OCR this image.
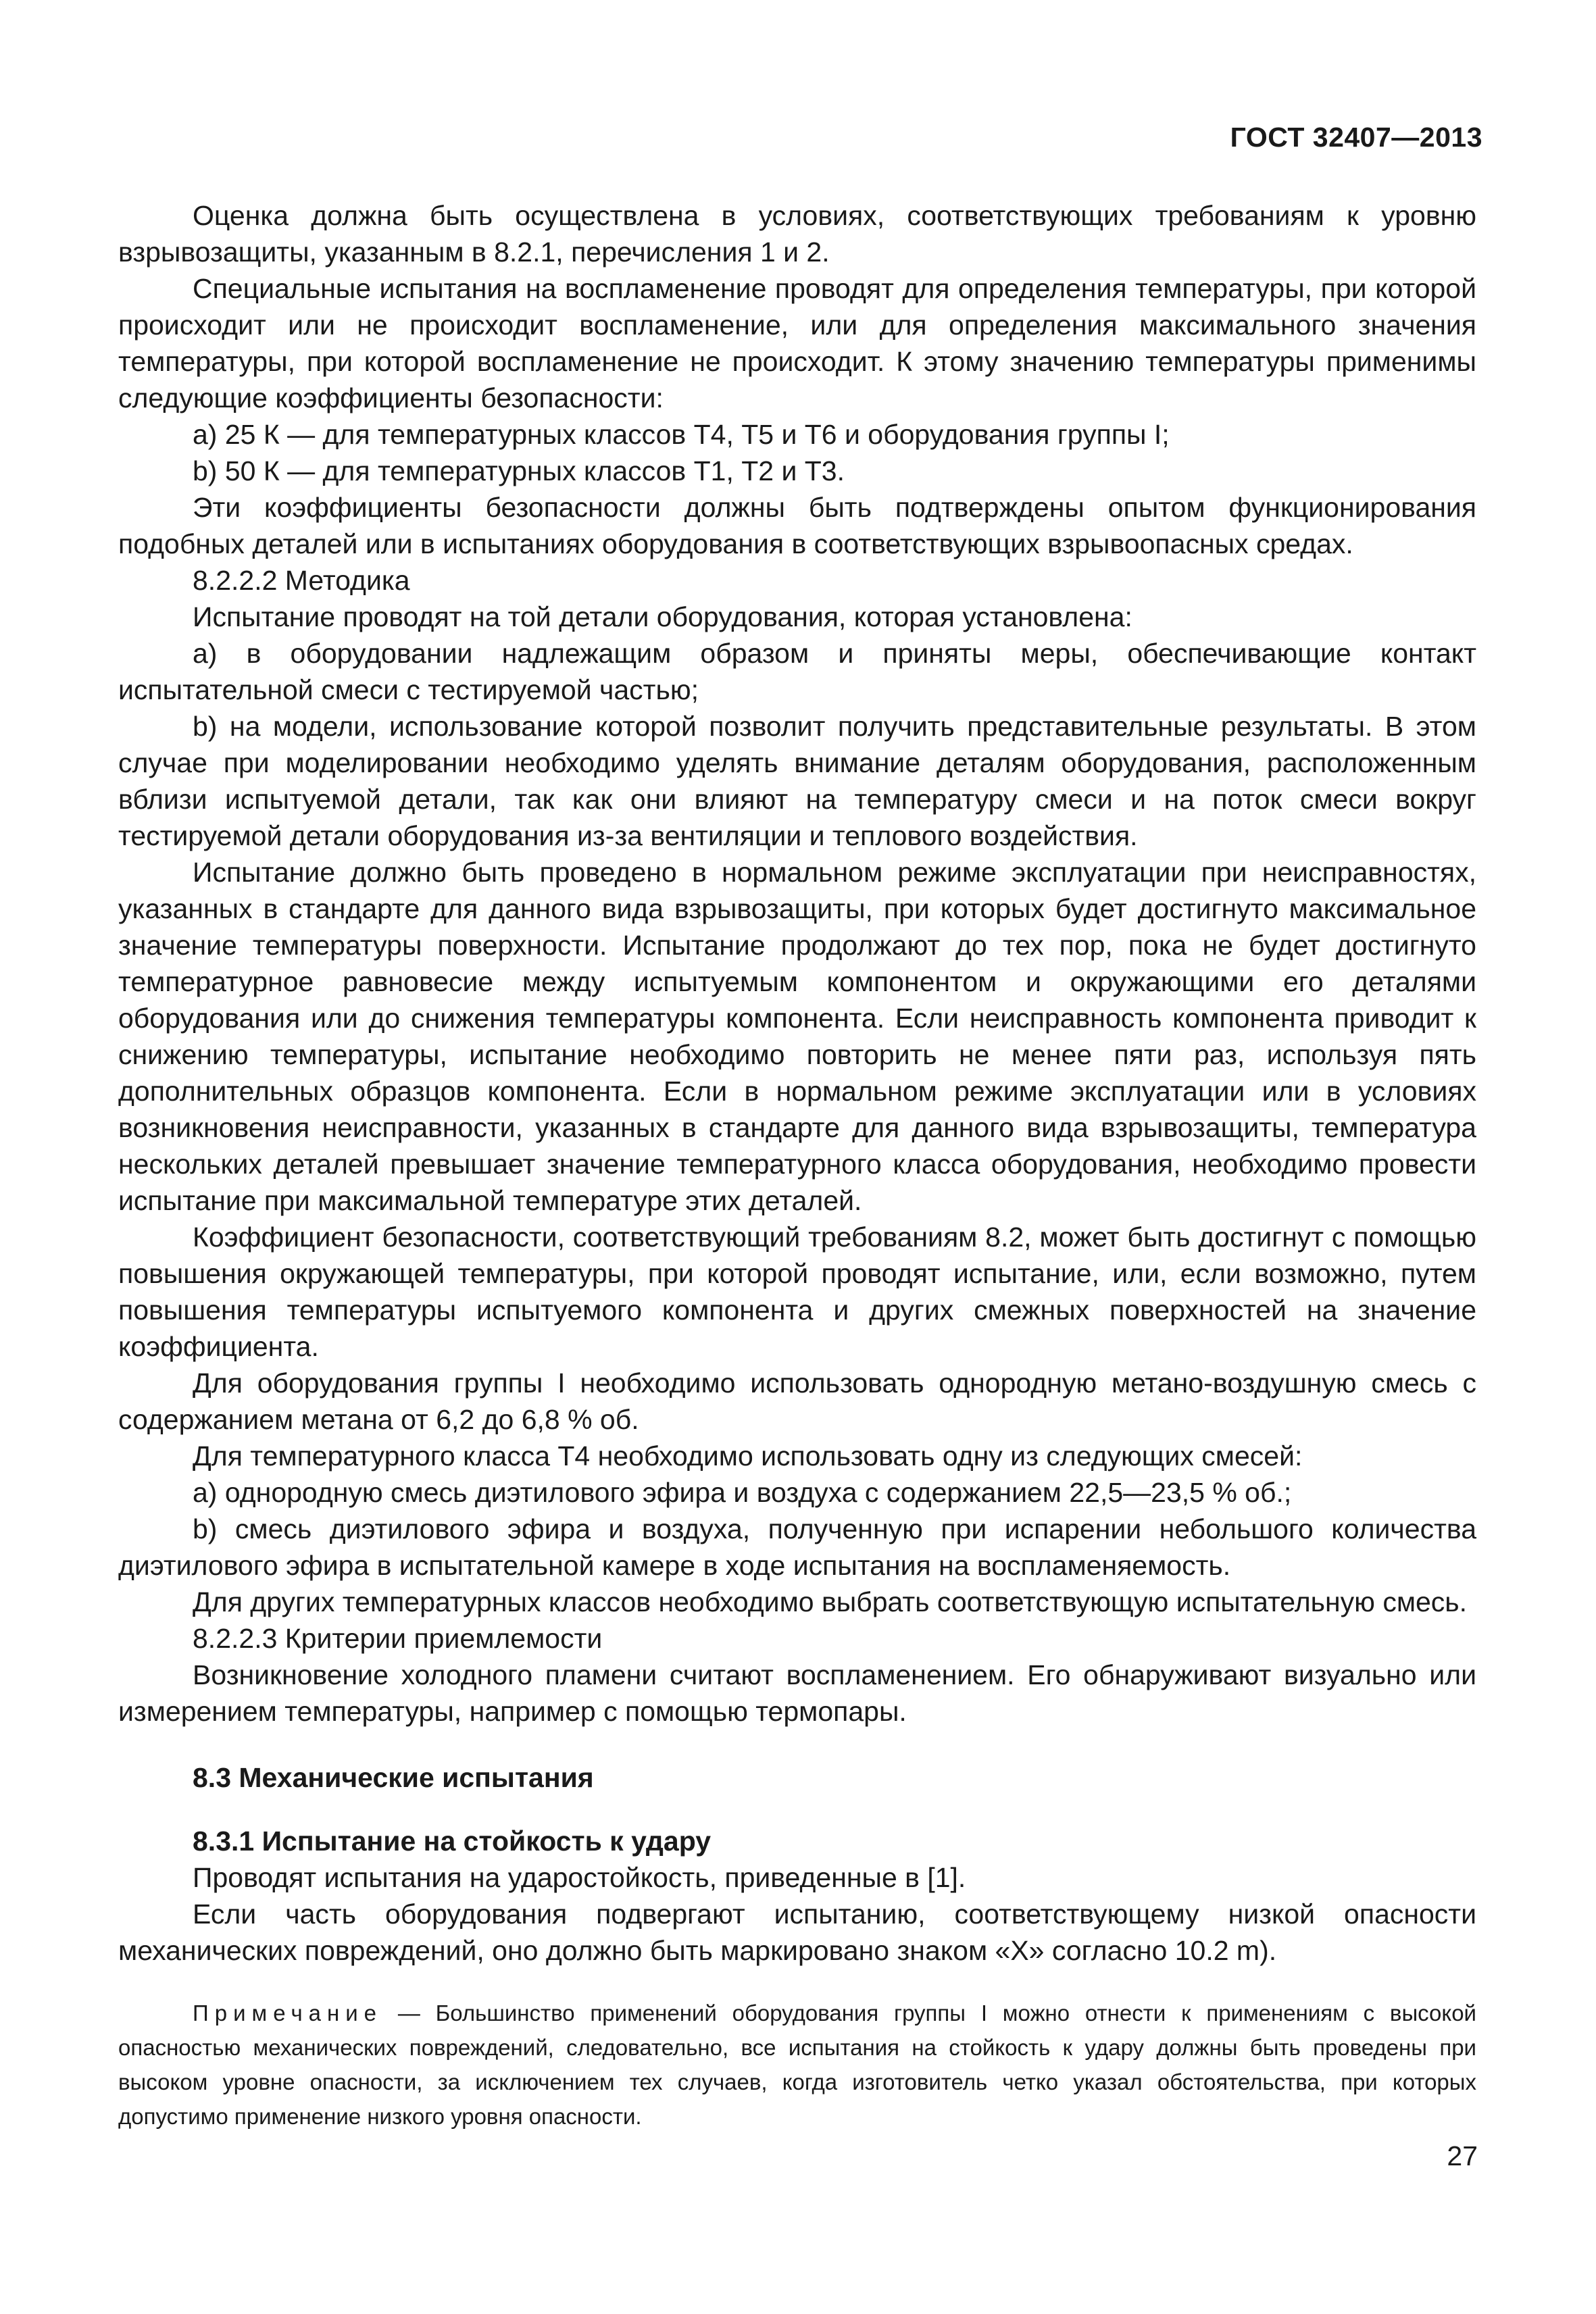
ГОСТ 32407—2013

Оценка должна быть осуществлена в условиях, соответствующих требованиям к уровню взрывозащиты, указанным в 8.2.1, перечисления 1 и 2.

Специальные испытания на воспламенение проводят для определения температуры, при которой происходит или не происходит воспламенение, или для определения максимального значения температуры, при которой воспламенение не происходит. К этому значению температуры применимы следующие коэффициенты безопасности:

а) 25 К — для температурных классов Т4, Т5 и Т6 и оборудования группы I;

b) 50 К — для температурных классов Т1, Т2 и Т3.

Эти коэффициенты безопасности должны быть подтверждены опытом функционирования подобных деталей или в испытаниях оборудования в соответствующих взрывоопасных средах.

8.2.2.2 Методика

Испытание проводят на той детали оборудования, которая установлена:

а) в оборудовании надлежащим образом и приняты меры, обеспечивающие контакт испытательной смеси с тестируемой частью;

b) на модели, использование которой позволит получить представительные результаты. В этом случае при моделировании необходимо уделять внимание деталям оборудования, расположенным вблизи испытуемой детали, так как они влияют на температуру смеси и на поток смеси вокруг тестируемой детали оборудования из-за вентиляции и теплового воздействия.

Испытание должно быть проведено в нормальном режиме эксплуатации при неисправностях, указанных в стандарте для данного вида взрывозащиты, при которых будет достигнуто максимальное значение температуры поверхности. Испытание продолжают до тех пор, пока не будет достигнуто температурное равновесие между испытуемым компонентом и окружающими его деталями оборудования или до снижения температуры компонента. Если неисправность компонента приводит к снижению температуры, испытание необходимо повторить не менее пяти раз, используя пять дополнительных образцов компонента. Если в нормальном режиме эксплуатации или в условиях возникновения неисправности, указанных в стандарте для данного вида взрывозащиты, температура нескольких деталей превышает значение температурного класса оборудования, необходимо провести испытание при максимальной температуре этих деталей.

Коэффициент безопасности, соответствующий требованиям 8.2, может быть достигнут с помощью повышения окружающей температуры, при которой проводят испытание, или, если возможно, путем повышения температуры испытуемого компонента и других смежных поверхностей на значение коэффициента.

Для оборудования группы I необходимо использовать однородную метано-воздушную смесь с содержанием метана от 6,2 до 6,8 % об.

Для температурного класса Т4 необходимо использовать одну из следующих смесей:

а) однородную смесь диэтилового эфира и воздуха с содержанием 22,5—23,5 % об.;

b) смесь диэтилового эфира и воздуха, полученную при испарении небольшого количества диэтилового эфира в испытательной камере в ходе испытания на воспламеняемость.

Для других температурных классов необходимо выбрать соответствующую испытательную смесь.

8.2.2.3 Критерии приемлемости

Возникновение холодного пламени считают воспламенением. Его обнаруживают визуально или измерением температуры, например с помощью термопары.

8.3 Механические испытания

8.3.1 Испытание на стойкость к удару

Проводят испытания на ударостойкость, приведенные в [1].

Если часть оборудования подвергают испытанию, соответствующему низкой опасности механических повреждений, оно должно быть маркировано знаком «X» согласно 10.2 m).

Примечание — Большинство применений оборудования группы I можно отнести к применениям с высокой опасностью механических повреждений, следовательно, все испытания на стойкость к удару должны быть проведены при высоком уровне опасности, за исключением тех случаев, когда изготовитель четко указал обстоятельства, при которых допустимо применение низкого уровня опасности.

27
